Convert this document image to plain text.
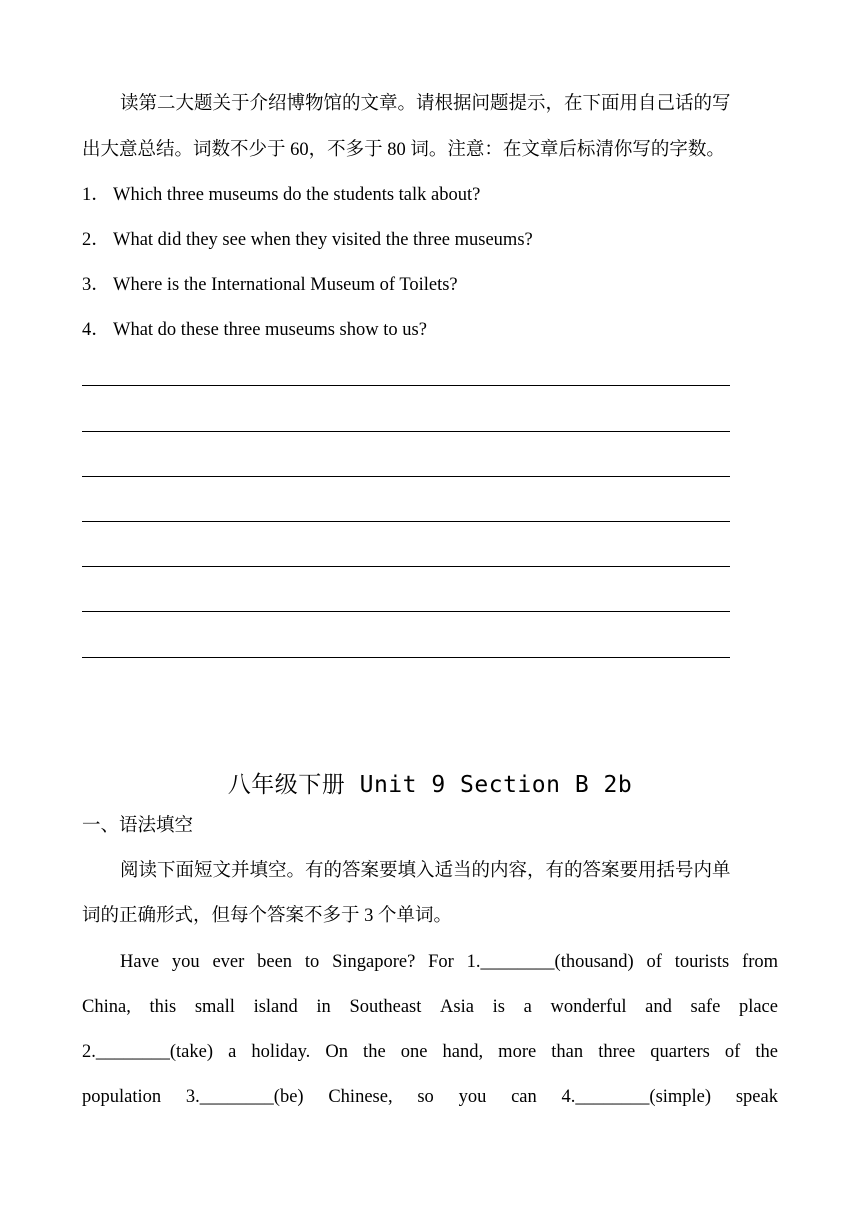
读第二大题关于介绍博物馆的文章。请根据问题提示，在下面用自己话的写
出大意总结。词数不少于 60，不多于 80 词。注意：在文章后标清你写的字数。
1． Which three museums do the students talk about?
2． What did they see when they visited the three museums?
3． Where is the International Museum of Toilets?
4． What do these three museums show to us?
八年级下册 Unit 9 Section B 2b
一、语法填空
阅读下面短文并填空。有的答案要填入适当的内容，有的答案要用括号内单
词的正确形式，但每个答案不多于 3 个单词。
Have you ever been to Singapore? For 1.________(thousand) of tourists from
China, this small island in Southeast Asia is a wonderful and safe place
2.________(take) a holiday. On the one hand, more than three quarters of the
population 3.________(be) Chinese, so you can 4.________(simple) speak
